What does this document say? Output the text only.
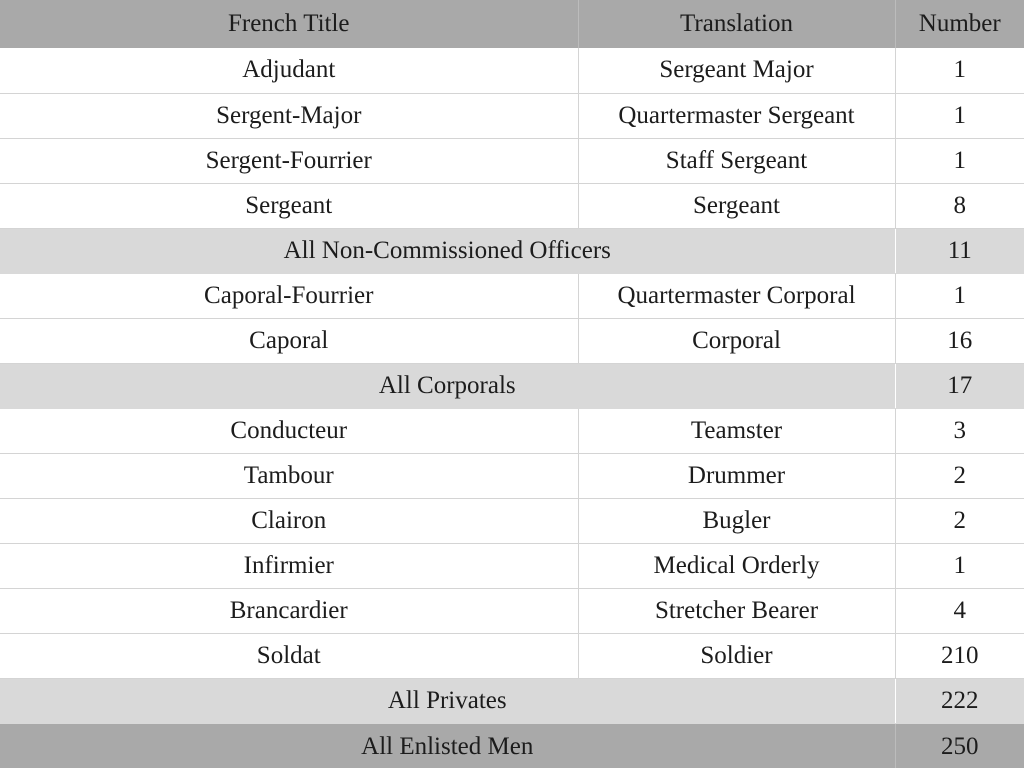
French Title	Translation	Number
Adjudant	Sergeant Major	1
Sergent-Major	Quartermaster Sergeant	1
Sergent-Fourrier	Staff Sergeant	1
Sergeant	Sergeant	8
All Non-Commissioned Officers		11
Caporal-Fourrier	Quartermaster Corporal	1
Caporal	Corporal	16
All Corporals		17
Conducteur	Teamster	3
Tambour	Drummer	2
Clairon	Bugler	2
Infirmier	Medical Orderly	1
Brancardier	Stretcher Bearer	4
Soldat	Soldier	210
All Privates		222
All Enlisted Men		250
